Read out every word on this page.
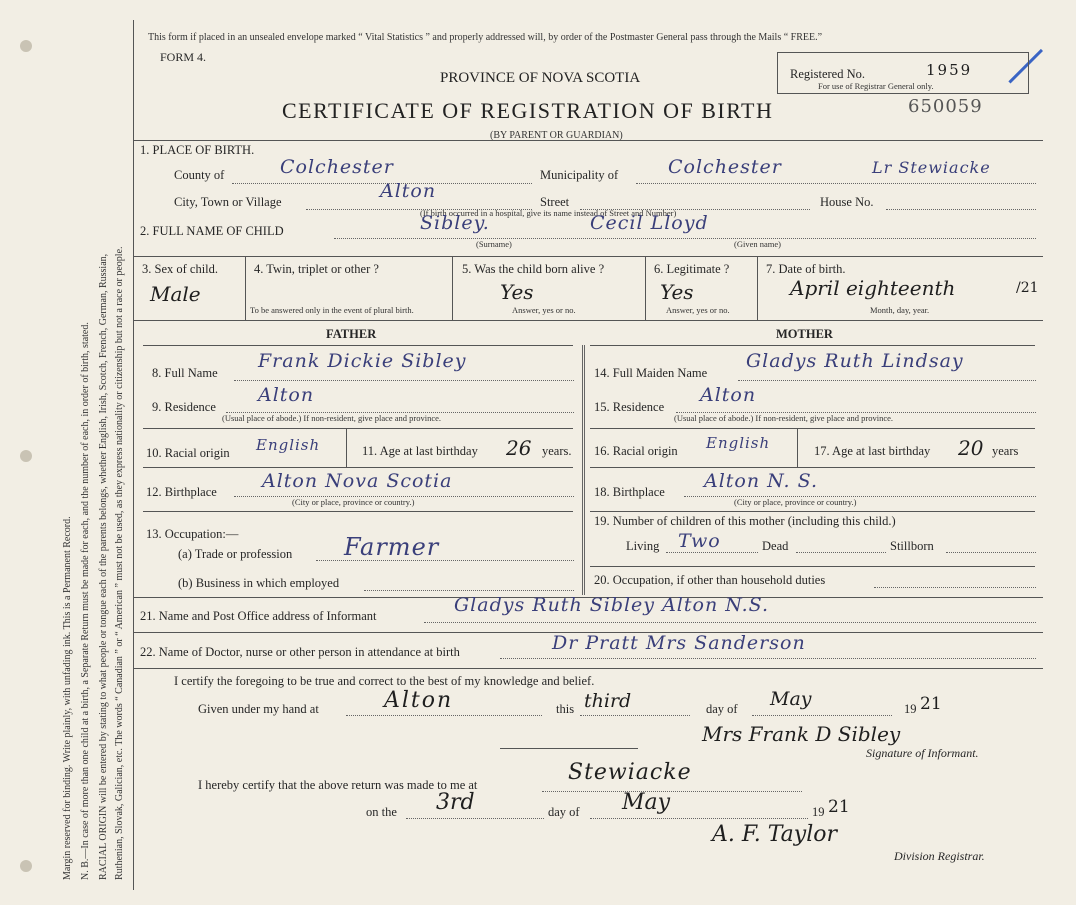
Margin reserved for binding. Write plainly, with unfading ink. This is a Permanent Record. N. B.—In case of more than one child at a birth, a Separate Return must be made for each, and the number of each, in order of birth, stated. RACIAL ORIGIN will be entered by stating to what people or tongue each of the parents belongs, whether English, Irish, Scotch, French, German, Russian, Ruthenian, Slovak, Galician, etc. The words “ Canadian ” or “ American ” must not be used, as they express nationality or citizenship but not a race or people.
This form if placed in an unsealed envelope marked “ Vital Statistics ” and properly addressed will, by order of the Postmaster General pass through the Mails “ FREE.”
FORM 4.
Registered No.	1959
For use of Registrar General only.
650059
PROVINCE OF NOVA SCOTIA
CERTIFICATE OF REGISTRATION OF BIRTH
(BY PARENT OR GUARDIAN)
1. PLACE OF BIRTH.
County of	Colchester	Municipality of	Colchester	Lr Stewiacke
City, Town or Village	Alton	Street	House No.
(If birth occurred in a hospital, give its name instead of Street and Number)
2. FULL NAME OF CHILD	Sibley.	Cecil Lloyd
(Surname)	(Given name)
3. Sex of child.
Male
4. Twin, triplet or other ?
To be answered only in the event of plural birth.
5. Was the child born alive ?
Yes
Answer, yes or no.
6. Legitimate ?
Yes
Answer, yes or no.
7. Date of birth.
April eighteenth	/21
Month, day, year.
FATHER	MOTHER
8. Full Name
Frank Dickie Sibley
9. Residence
Alton
(Usual place of abode.) If non-resident, give place and province.
10. Racial origin English	11. Age at last birthday 26 years.
12. Birthplace Alton Nova Scotia
(City or place, province or country.)
13. Occupation:—
(a) Trade or profession Farmer
(b) Business in which employed
14. Full Maiden Name
Gladys Ruth Lindsay
15. Residence
Alton
(Usual place of abode.) If non-resident, give place and province.
16. Racial origin English	17. Age at last birthday 20 years
18. Birthplace Alton N. S.
(City or place, province or country.)
19. Number of children of this mother (including this child.)
Living Two	Dead	Stillborn
20. Occupation, if other than household duties
21. Name and Post Office address of Informant	Gladys Ruth Sibley Alton N.S.
22. Name of Doctor, nurse or other person in attendance at birth	Dr Pratt Mrs Sanderson
I certify the foregoing to be true and correct to the best of my knowledge and belief.
Given under my hand at	Alton	this third	day of May	19 21
Mrs Frank D Sibley
Signature of Informant.
I hereby certify that the above return was made to me at	Stewiacke
on the 3rd	day of May	19 21
A. F. Taylor
Division Registrar.
